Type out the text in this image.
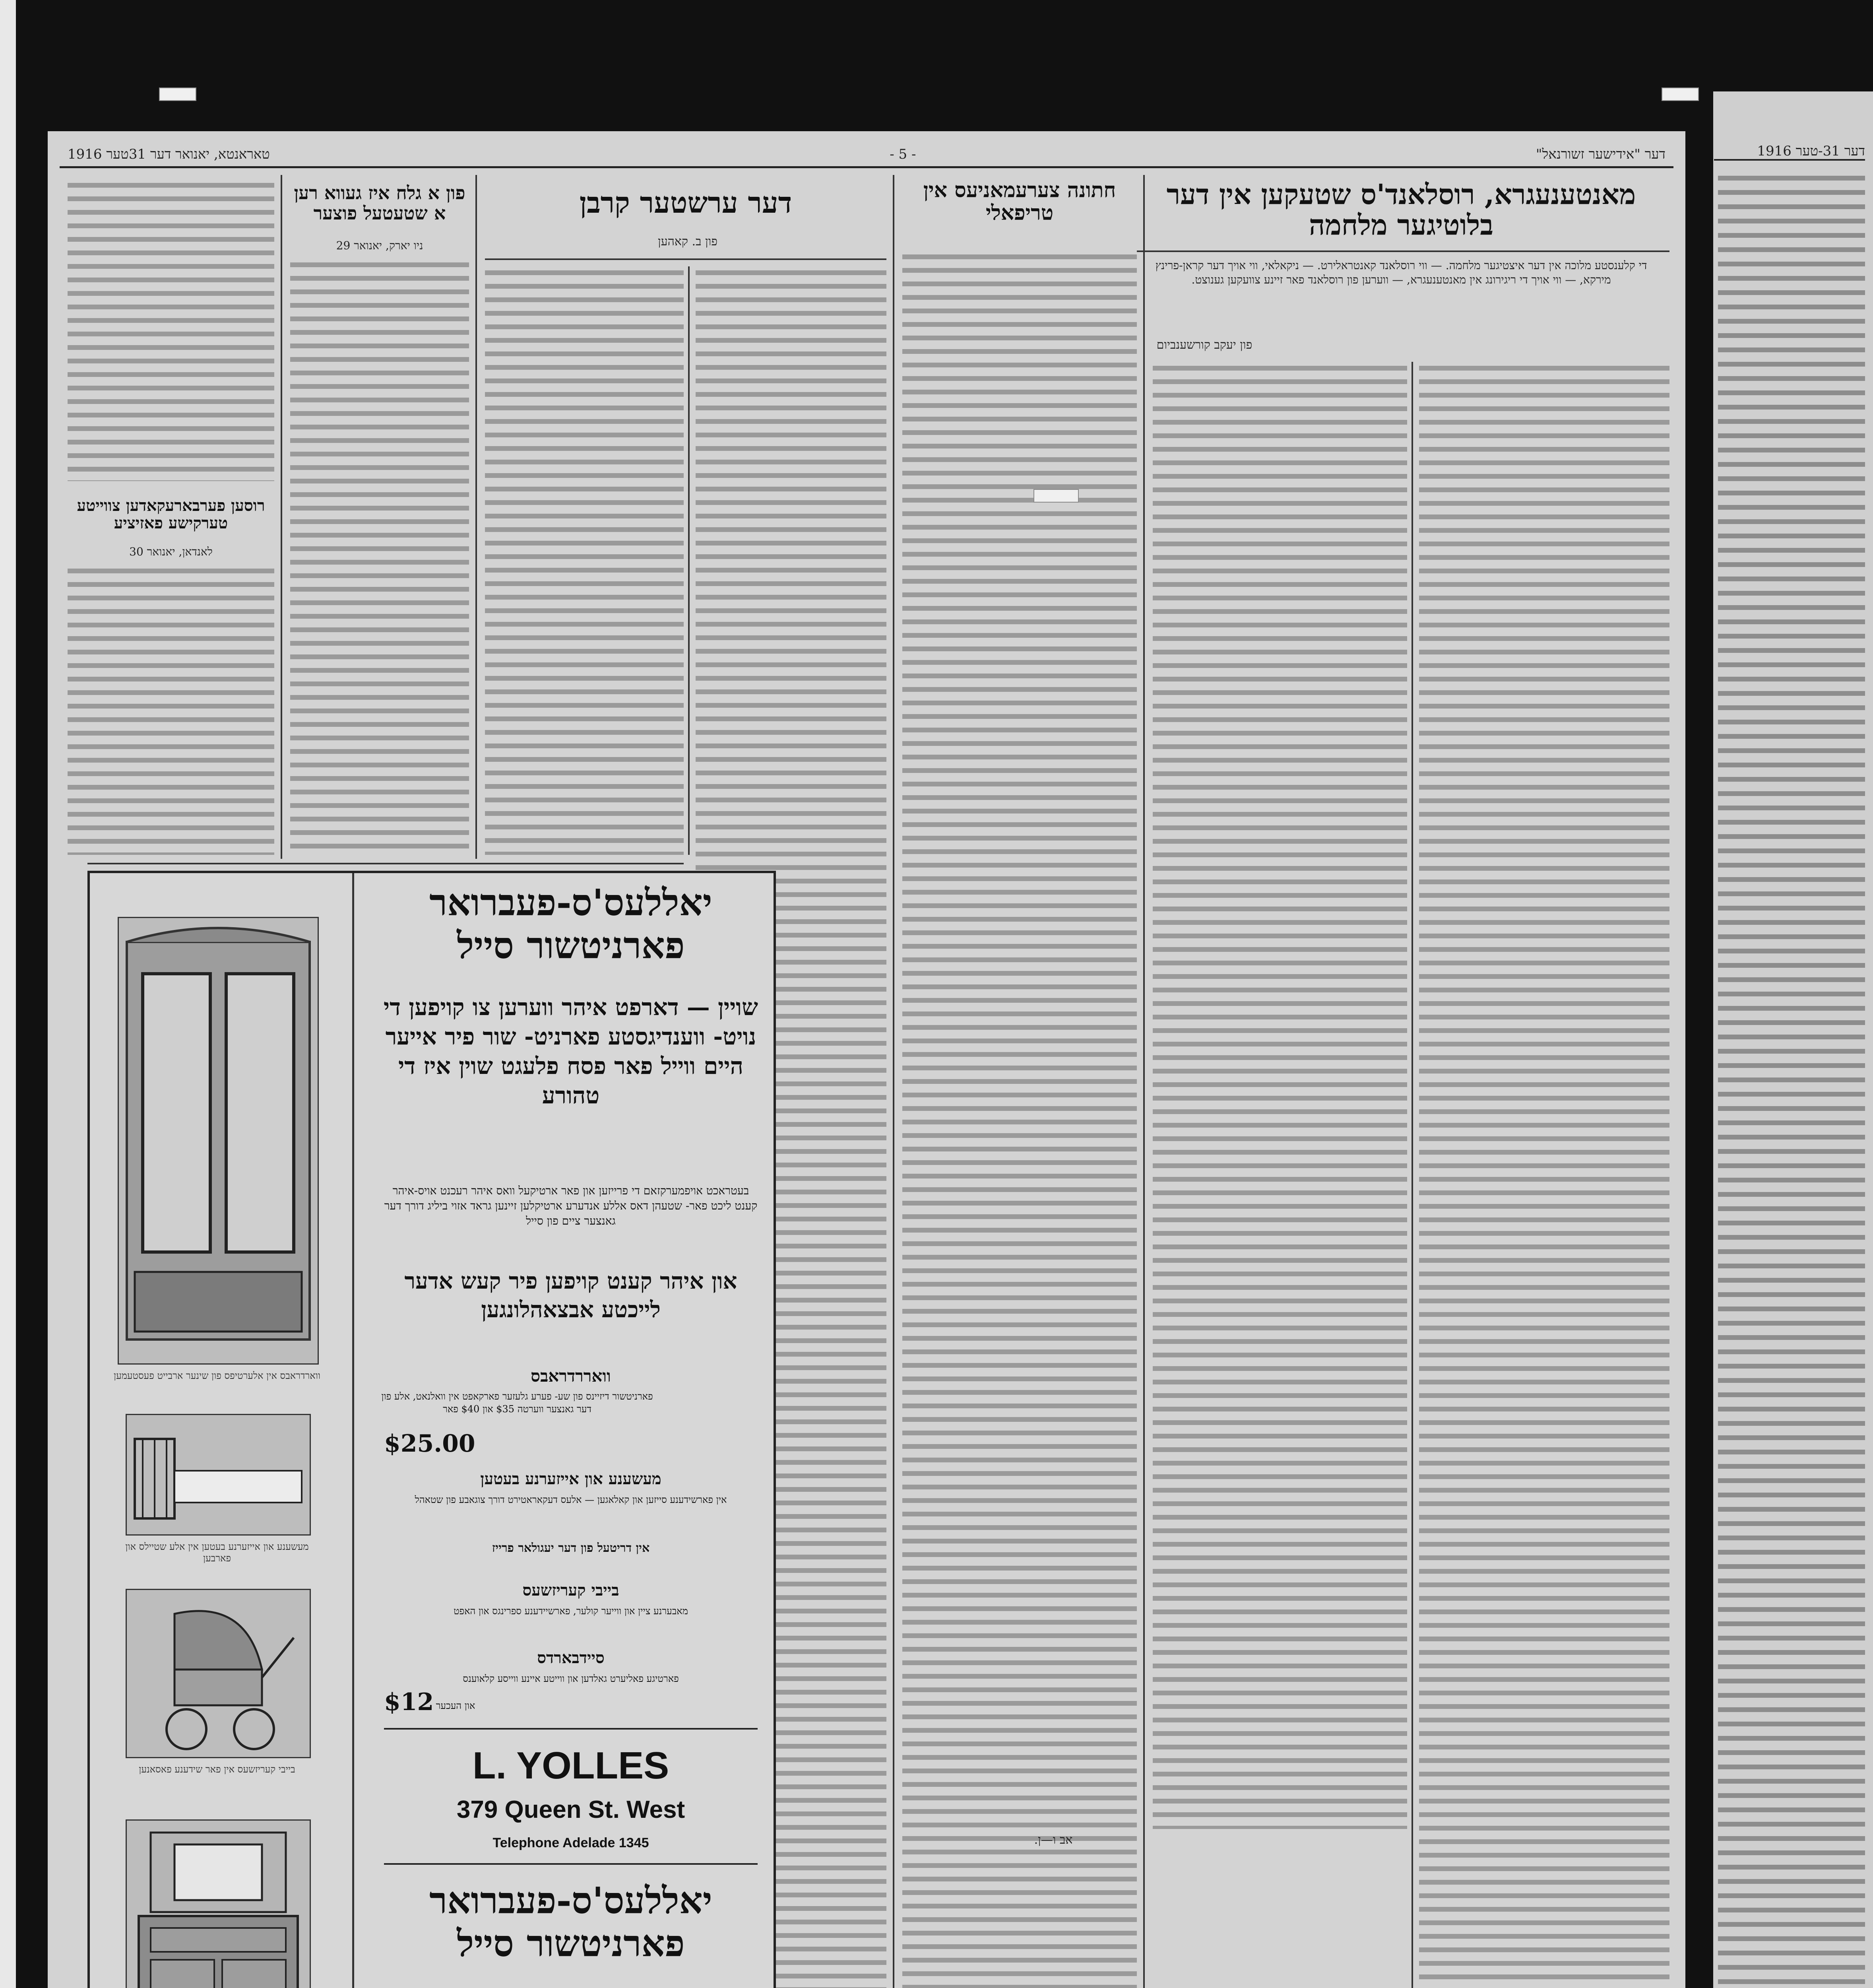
דער "אידישער זשורנאל"
- 5 -
טאראנטא, יאנואר דער 31טער 1916
מאנטענעגרא, רוסלאנד'ס שטעקען אין דער בלוטיגער מלחמה
די קלענסטע מלוכה אין דער איצטיגער מלחמה. — ווי רוסלאנד קאנטראלירט. — ניקאלאי, ווי אויך דער קראן-פרינץ מירקא, — ווי אויך די ריגירונג אין מאנטענעגרא, — ווערען פון רוסלאנד פאר זיינע צוועקען גענוצט.
פון יעקב קורשענביום
חתונה צערעמאניעס אין טריפאלי
אב ו—ן.
דער ערשטער קרבן
פון ב. קאהען
פון א גלח איז געווא רען א שטעטעל פוצער
ניו יארק, יאנואר 29
רוסען פערבארעקאדען צווייטע טערקישע פאזיציע
לאנדאן, יאנואר 30
יאללעס'ס-פעברואר פארניטשור סייל
שויין — דארפט איהר ווערען צו קויפען די נויט- ווענדיגסטע פארניט- שור פיר אייער היים ווייל פאר פסח פלעגט שוין איז די טהורע
בעטראכט אויפמערקזאם די פרייזען און פאר ארטיקעל וואס איהר רעכנט אויס-איהר קענט ליכט פאר- שטעהן דאס אללע אנדערע ארטיקלען זיינען גראד אזוי ביליג דורך דער גאנצער ציים פון סייל
און איהר קענט קויפען פיר קעש אדער לייכטע אבצאהלונגען
וואררדראבס
פארניטשור דיזיינס פון שע- פערע גלעזער פארקאפט אין וואלנאט, אלע פון דער גאנצער ווערטה $35 און $40 פאר
$25.00
מעשענע און אייזערנע בעטען
אין פארשידענע סייזען און קאלאגען — אלעס דעקאראטירט דורך צוגאבע פון שטאהל
אין דריטעל פון דער יעגולאר פרייז
בייבי קעריזשעס
מאבערנע ציין און ווייער קולער, פארשיידענע ספרינגס און האפט
סיידבארדס
פארטיגע פאליערט גאלדען און ווייטע איינע ווייסע קלאוענס
$12 און העכער
L. YOLLES
379 Queen St. West
Telephone Adelade 1345
יאללעס'ס-פעברואר פארניטשור סייל
ווארדראבס אין אלערטיפס פון שינער ארבייט פעסטעמען
מעשענע און אייזערנע בעטען אין אלע שטיילס און פארבען
בייבי קעריזשעס אין פאר שידענע פאסאנען
דער 31-טער 1916
